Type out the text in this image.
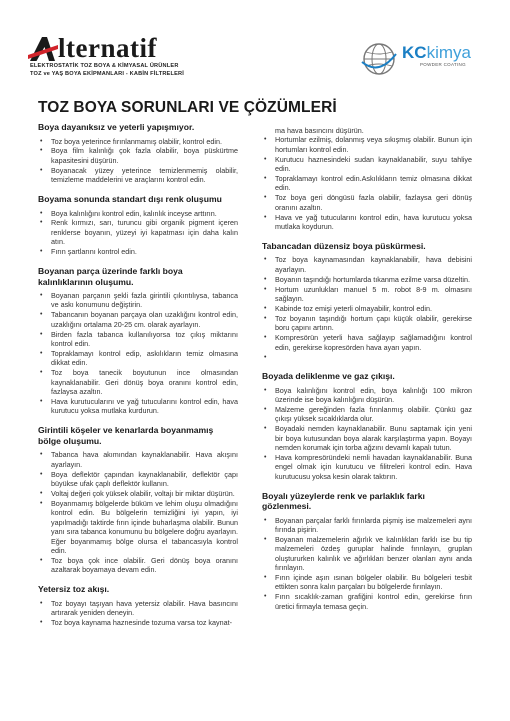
lternatif
ELEKTROSTATİK TOZ BOYA & KİMYASAL ÜRÜNLER
TOZ ve YAŞ BOYA EKİPMANLARI - KABİN FİLTRELERİ
KCkimya
POWDER COATING
TOZ BOYA SORUNLARI VE ÇÖZÜMLERİ
Boya dayanıksız ve yeterli yapışmıyor.
• Toz boya yeterince fırınlanmamış olabilir, kontrol edin.
• Boya film kalınlığı çok fazla olabilir, boya püskürtme kapasitesini düşürün.
• Boyanacak yüzey yeterince temizlenmemiş olabilir, temizleme maddelerini ve araçlarını kontrol edin.
Boyama sonunda standart dışı renk oluşumu
• Boya kalınlığını kontrol edin, kalınlık inceyse arttırın.
• Renk kırmızı, sarı, turuncu gibi organik pigment içeren renklerse boyanın, yüzeyi iyi kapatması için daha kalın atın.
• Fırın şartlarını kontrol edin.
Boyanan parça üzerinde farklı boya kalınlıklarının oluşumu.
• Boyanan parçanın şekli fazla girintili çıkıntılıysa, tabanca ve askı konumunu değiştirin.
• Tabancanın boyanan parçaya olan uzaklığını kontrol edin, uzaklığını ortalama 20-25 cm. olarak ayarlayın.
• Birden fazla tabanca kullanılıyorsa toz çıkış miktarını kontrol edin.
• Topraklamayı kontrol edip, askılıkların temiz olmasına dikkat edin.
• Toz boya tanecik boyutunun ince olmasından kaynaklanabilir. Geri dönüş boya oranını kontrol edin, fazlaysa azaltın.
• Hava kurutucularını ve yağ tutucularını kontrol edin, hava kurutucu yoksa mutlaka kurdurun.
Girintili köşeler ve kenarlarda boyanmamış bölge oluşumu.
• Tabanca hava akımından kaynaklanabilir. Hava akışını ayarlayın.
• Boya deflektör çapından kaynaklanabilir, deflektör çapı büyükse ufak çaplı deflektör kullanın.
• Voltaj değeri çok yüksek olabilir, voltajı bir miktar düşürün.
• Boyanmamış bölgelerde büküm ve lehim oluşu olmadığını kontrol edin. Bu bölgelerin temizliğini iyi yapın, iyi yapılmadığı taktirde fırın içinde buharlaşma olabilir. Bunun yanı sıra tabanca konumunu bu bölgelere doğru ayarlayın. Eğer boyanmamış bölge olursa el tabancasıyla kontrol edin.
• Toz boya çok ince olabilir. Geri dönüş boya oranını azaltarak boyamaya devam edin.
Yetersiz toz akışı.
• Toz boyayı taşıyan hava yetersiz olabilir. Hava basıncını artırarak yeniden deneyin.
• Toz boya kaynama haznesinde tozuma varsa toz kaynat-
ma hava basıncını düşürün.
• Hortumlar ezilmiş, dolanmış veya sıkışmış olabilir. Bunun için hortumları kontrol edin.
• Kurutucu haznesindeki sudan kaynaklanabilir, suyu tahliye edin.
• Topraklamayı kontrol edin.Askılıkların temiz olmasına dikkat edin.
• Toz boya geri döngüsü fazla olabilir, fazlaysa geri dönüş oranını azaltın.
• Hava ve yağ tutucularını kontrol edin, hava kurutucu yoksa mutlaka koydurun.
Tabancadan düzensiz boya püskürmesi.
• Toz boya kaynamasından kaynaklanabilir, hava debisini ayarlayın.
• Boyanın taşındığı hortumlarda tıkanma ezilme varsa düzeltin.
• Hortum uzunlukları manuel 5 m. robot 8-9 m. olmasını sağlayın.
• Kabinde toz emişi yeterli olmayabilir, kontrol edin.
• Toz boyanın taşındığı hortum çapı küçük olabilir, gerekirse boru çapını artırın.
• Kompresörün yeterli hava sağlayıp sağlamadığını kontrol edin, gerekirse kopresörden hava ayarı yapın.
•
Boyada deliklenme ve gaz çıkışı.
• Boya kalınlığını kontrol edin, boya kalınlığı 100 mikron üzerinde ise boya kalınlığını düşürün.
• Malzeme gereğinden fazla fırınlanmış olabilir. Çünkü gaz çıkışı yüksek sıcaklıklarda olur.
• Boyadaki nemden kaynaklanabilir. Bunu saptamak için yeni bir boya kutusundan boya alarak karşılaştırma yapın. Boyayı nemden korumak için torba ağzını devamlı kapalı tutun.
• Hava kompresöründeki nemli havadan kaynaklanabilir. Buna engel olmak için kurutucu ve filitreleri kontrol edin. Hava kurutucusu yoksa kesin olarak taktırın.
Boyalı yüzeylerde renk ve parlaklık farkı gözlenmesi.
• Boyanan parçalar farklı fırınlarda pişmiş ise malzemeleri aynı fırında pişirin.
• Boyanan malzemelerin ağırlık ve kalınlıkları farklı ise bu tip malzemeleri özdeş guruplar halinde fırınlayın, gruplan oluştururken kalınlık ve ağırlıkları benzer olanları aynı anda fırınlayın.
• Fırın içinde aşırı ısınan bölgeler olabilir. Bu bölgeleri tesbit ettikten sonra kalın parçaları bu bölgelerde fırınlayın.
• Fırın sıcaklık-zaman grafiğini kontrol edin, gerekirse fırın üretici firmayla temasa geçin.
